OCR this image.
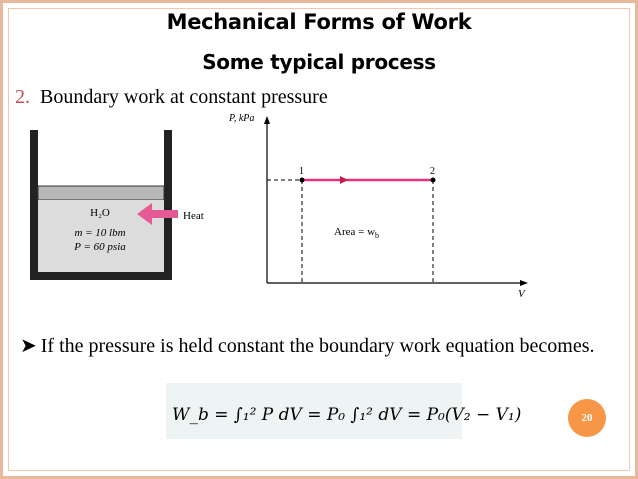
Mechanical Forms of Work
Some typical process
2. Boundary work at constant pressure
H₂O
m = 10 lbm
P = 60 psia
Heat
P, kPa
V
1	2
Area = $w_b$
➤ If the pressure is held constant the boundary work equation becomes.
W_b = ∫₁² P dV = P₀ ∫₁² dV = P₀(V₂ − V₁)	20
